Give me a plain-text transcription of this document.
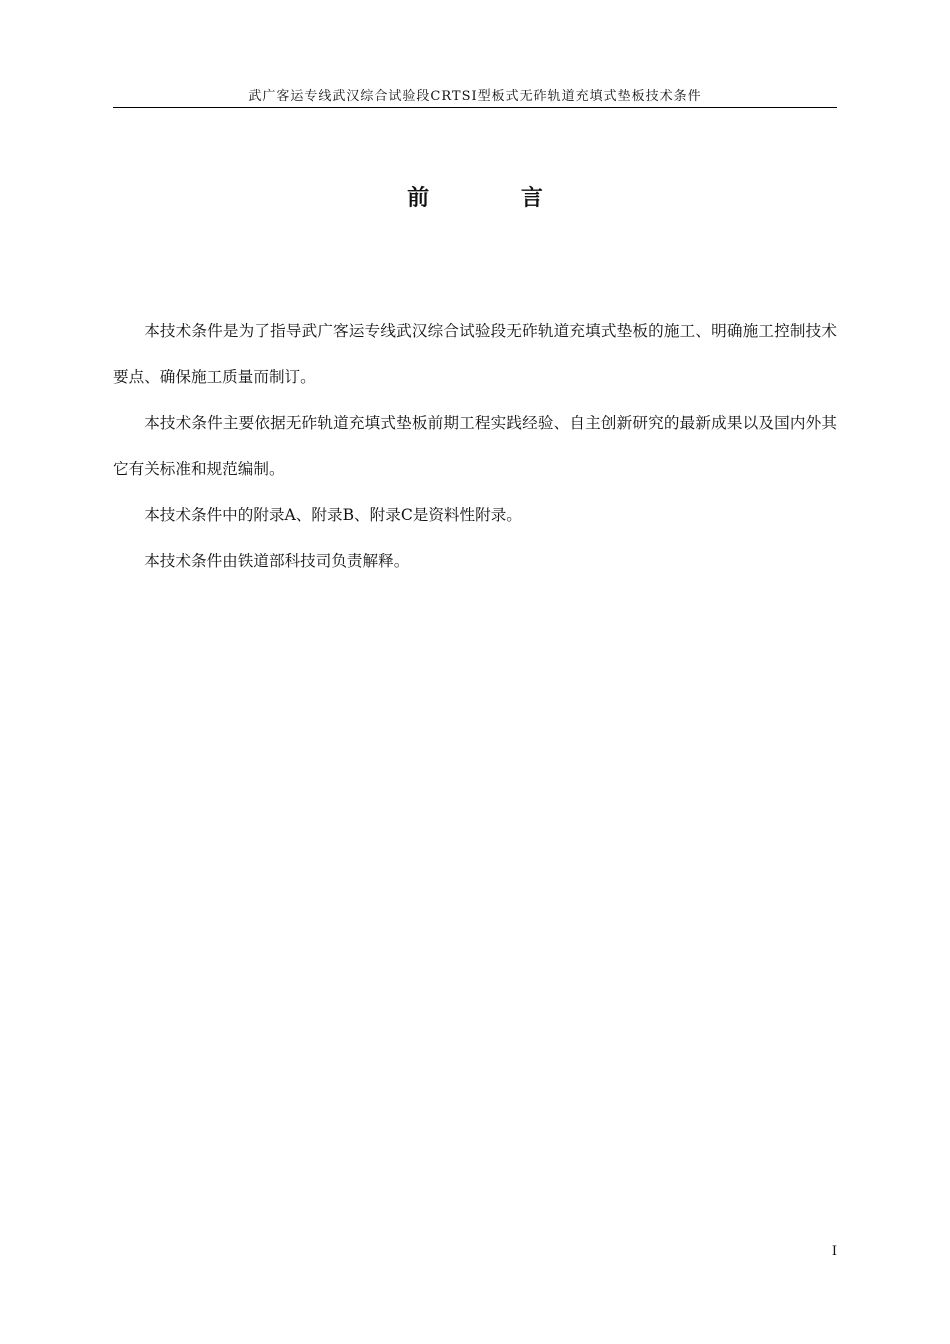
武广客运专线武汉综合试验段CRTSⅠ型板式无砟轨道充填式垫板技术条件
前 言

本技术条件是为了指导武广客运专线武汉综合试验段无砟轨道充填式垫板的施工、明确施工控制技术要点、确保施工质量而制订。

本技术条件主要依据无砟轨道充填式垫板前期工程实践经验、自主创新研究的最新成果以及国内外其它有关标准和规范编制。

本技术条件中的附录A、附录B、附录C是资料性附录。

本技术条件由铁道部科技司负责解释。

I
